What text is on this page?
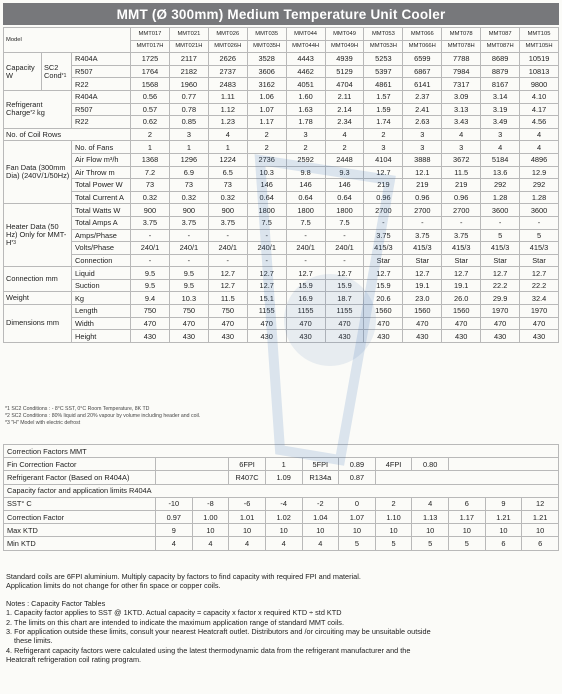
MMT (Ø 300mm) Medium Temperature Unit Cooler
Model			MMT017	MMT021	MMT026	MMT035	MMT044	MMT049	MMT053	MMT066	MMT078	MMT087	MMT105
			MMT017H	MMT021H	MMT026H	MMT035H	MMT044H	MMT049H	MMT053H	MMT066H	MMT078H	MMT087H	MMT105H
Capacity W	SC2 Cond$^{*1}$	R404A	1725	2117	2626	3528	4443	4939	5253	6599	7788	8689	10519
		R507	1764	2182	2737	3606	4462	5129	5397	6867	7984	8879	10813
		R22	1568	1960	2483	3162	4051	4704	4861	6141	7317	8167	9800
Refrigerant Charge$^{*2}$ kg		R404A	0.56	0.77	1.11	1.06	1.60	2.11	1.57	2.37	3.09	3.14	4.10
		R507	0.57	0.78	1.12	1.07	1.63	2.14	1.59	2.41	3.13	3.19	4.17
		R22	0.62	0.85	1.23	1.17	1.78	2.34	1.74	2.63	3.43	3.49	4.56
No. of Coil Rows			2	3	4	2	3	4	2	3	4	3	4
Fan Data (300mm Dia) (240V/1/50Hz)		No. of Fans	1	1	1	2	2	2	3	3	3	4	4
		Air Flow m³/h	1368	1296	1224	2736	2592	2448	4104	3888	3672	5184	4896
		Air Throw m	7.2	6.9	6.5	10.3	9.8	9.3	12.7	12.1	11.5	13.6	12.9
		Total Power W	73	73	73	146	146	146	219	219	219	292	292
		Total Current A	0.32	0.32	0.32	0.64	0.64	0.64	0.96	0.96	0.96	1.28	1.28
Heater Data (50 Hz) Only for MMT-$H^{*3}$		Total Watts W	900	900	900	1800	1800	1800	2700	2700	2700	3600	3600
		Total Amps A	3.75	3.75	3.75	7.5	7.5	7.5	-	-	-	-	-
		Amps/Phase	-	-	-	-	-	-	3.75	3.75	3.75	5	5
		Volts/Phase	240/1	240/1	240/1	240/1	240/1	240/1	415/3	415/3	415/3	415/3	415/3
		Connection	-	-	-	-	-	-	Star	Star	Star	Star	Star
Connection mm		Liquid	9.5	9.5	12.7	12.7	12.7	12.7	12.7	12.7	12.7	12.7	12.7
		Suction	9.5	9.5	12.7	12.7	15.9	15.9	15.9	19.1	19.1	22.2	22.2
Weight		Kg	9.4	10.3	11.5	15.1	16.9	18.7	20.6	23.0	26.0	29.9	32.4
Dimensions mm		Length	750	750	750	1155	1155	1155	1560	1560	1560	1970	1970
		Width	470	470	470	470	470	470	470	470	470	470	470
		Height	430	430	430	430	430	430	430	430	430	430	430
*1 SC2 Conditions : - 8°C SST, 0°C Room Temperature, 8K TD
*2 SC2 Conditions : 80% liquid and 20% vapour by volume including header and coil.
*3 "H" Model with electric defrost
Correction Factors MMT											
Fin Correction Factor			6FPI	1	5FPI	0.89	4FPI	0.80			
Refrigerant Factor (Based on R404A)			R407C	1.09	R134a	0.87					
Capacity factor and application limits R404A											
SST° C	-10	-8	-6	-4	-2	0	2	4	6	9	12
Correction Factor	0.97	1.00	1.01	1.02	1.04	1.07	1.10	1.13	1.17	1.21	1.21
Max KTD	9	10	10	10	10	10	10	10	10	10	10
Min KTD	4	4	4	4	4	5	5	5	5	6	6

Standard coils are 6FPI aluminium. Multiply capacity by factors to find capacity with required FPI and material.

Application limits do not change for other fin space or copper coils.

Notes : Capacity Factor Tables

1. Capacity factor applies to SST @ 1KTD. Actual capacity = capacity x factor x required KTD ÷ std KTD

2. The limits on this chart are intended to indicate the maximum application range of standard MMT coils.

3. For application outside these limits, consult your nearest Heatcraft outlet. Distributors and /or circuiting may be unsuitable outside

these limits.

4. Refrigerant capacity factors were calculated using the latest thermodynamic data from the refrigerant manufacturer and the

Heatcraft refrigeration coil rating program.
